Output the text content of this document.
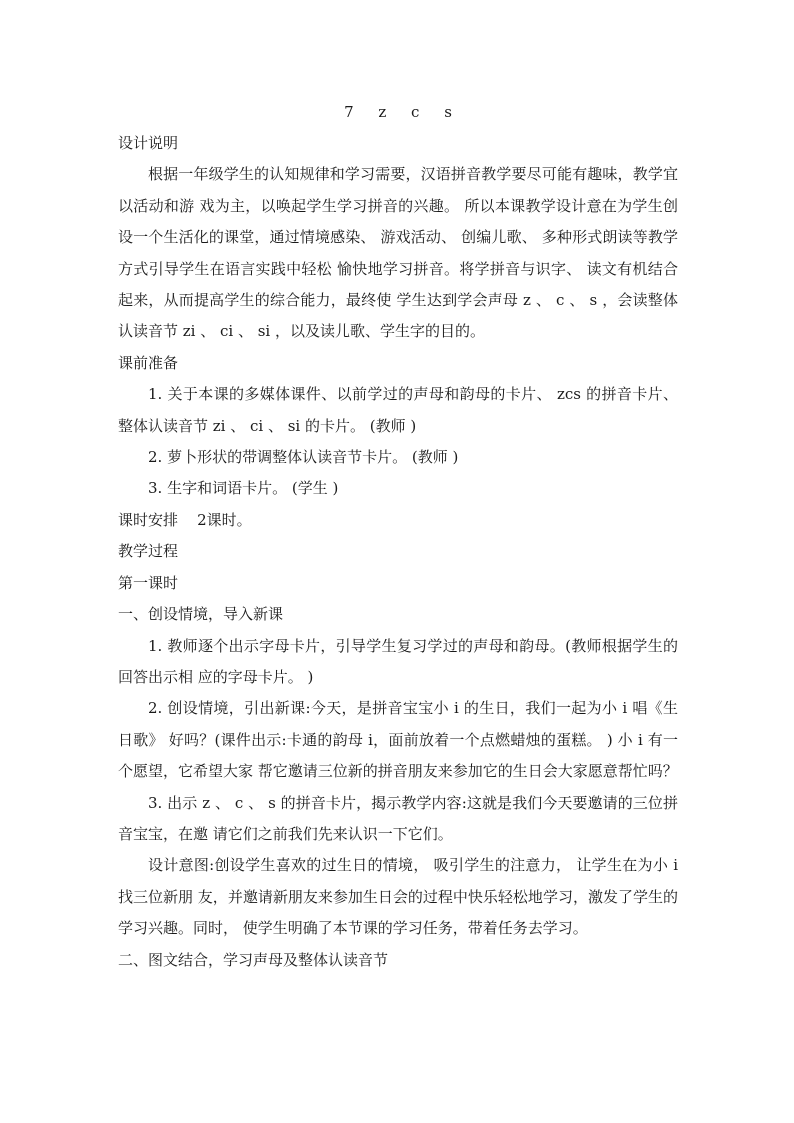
7 z c s

设计说明

根据一年级学生的认知规律和学习需要，汉语拼音教学要尽可能有趣味，教学宜以活动和游 戏为主，以唤起学生学习拼音的兴趣。 所以本课教学设计意在为学生创设一个生活化的课堂，通过情境感染、 游戏活动、 创编儿歌、 多种形式朗读等教学方式引导学生在语言实践中轻松 愉快地学习拼音。将学拼音与识字、 读文有机结合起来，从而提高学生的综合能力，最终使 学生达到学会声母 z 、 c 、 s ，会读整体认读音节 zi 、 ci 、 si ，以及读儿歌、学生字的目的。

课前准备

1. 关于本课的多媒体课件、以前学过的声母和韵母的卡片、 zcs 的拼音卡片、整体认读音节 zi 、 ci 、 si 的卡片。 (教师 )

2. 萝卜形状的带调整体认读音节卡片。 (教师 )

3. 生字和词语卡片。 (学生 )

课时安排    2课时。

教学过程

第一课时

一、创设情境，导入新课

1. 教师逐个出示字母卡片，引导学生复习学过的声母和韵母。(教师根据学生的回答出示相 应的字母卡片。 )

2. 创设情境，引出新课:今天，是拼音宝宝小 i 的生日，我们一起为小 i 唱《生日歌》 好吗？(课件出示:卡通的韵母 i，面前放着一个点燃蜡烛的蛋糕。 ) 小 i 有一个愿望，它希望大家 帮它邀请三位新的拼音朋友来参加它的生日会大家愿意帮忙吗？

3. 出示 z 、 c 、 s 的拼音卡片，揭示教学内容:这就是我们今天要邀请的三位拼音宝宝，在邀 请它们之前我们先来认识一下它们。

设计意图:创设学生喜欢的过生日的情境， 吸引学生的注意力， 让学生在为小 i 找三位新朋 友，并邀请新朋友来参加生日会的过程中快乐轻松地学习，激发了学生的学习兴趣。同时， 使学生明确了本节课的学习任务，带着任务去学习。

二、图文结合，学习声母及整体认读音节
